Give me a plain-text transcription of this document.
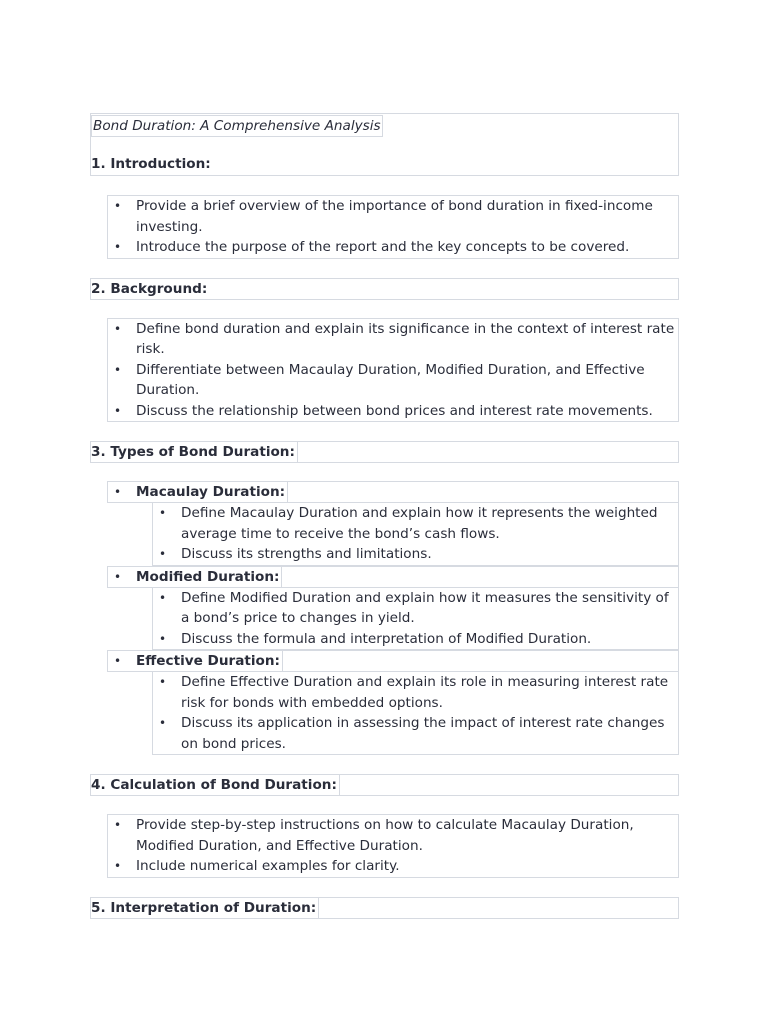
Bond Duration: A Comprehensive Analysis
1. Introduction:
• Provide a brief overview of the importance of bond duration in fixed-income investing.
• Introduce the purpose of the report and the key concepts to be covered.
2. Background:
• Define bond duration and explain its significance in the context of interest rate risk.
• Differentiate between Macaulay Duration, Modified Duration, and Effective Duration.
• Discuss the relationship between bond prices and interest rate movements.
3. Types of Bond Duration:
• Macaulay Duration:
• Define Macaulay Duration and explain how it represents the weighted average time to receive the bond’s cash flows.
• Discuss its strengths and limitations.
• Modified Duration:
• Define Modified Duration and explain how it measures the sensitivity of a bond’s price to changes in yield.
• Discuss the formula and interpretation of Modified Duration.
• Effective Duration:
• Define Effective Duration and explain its role in measuring interest rate risk for bonds with embedded options.
• Discuss its application in assessing the impact of interest rate changes on bond prices.
4. Calculation of Bond Duration:
• Provide step-by-step instructions on how to calculate Macaulay Duration, Modified Duration, and Effective Duration.
• Include numerical examples for clarity.
5. Interpretation of Duration:
